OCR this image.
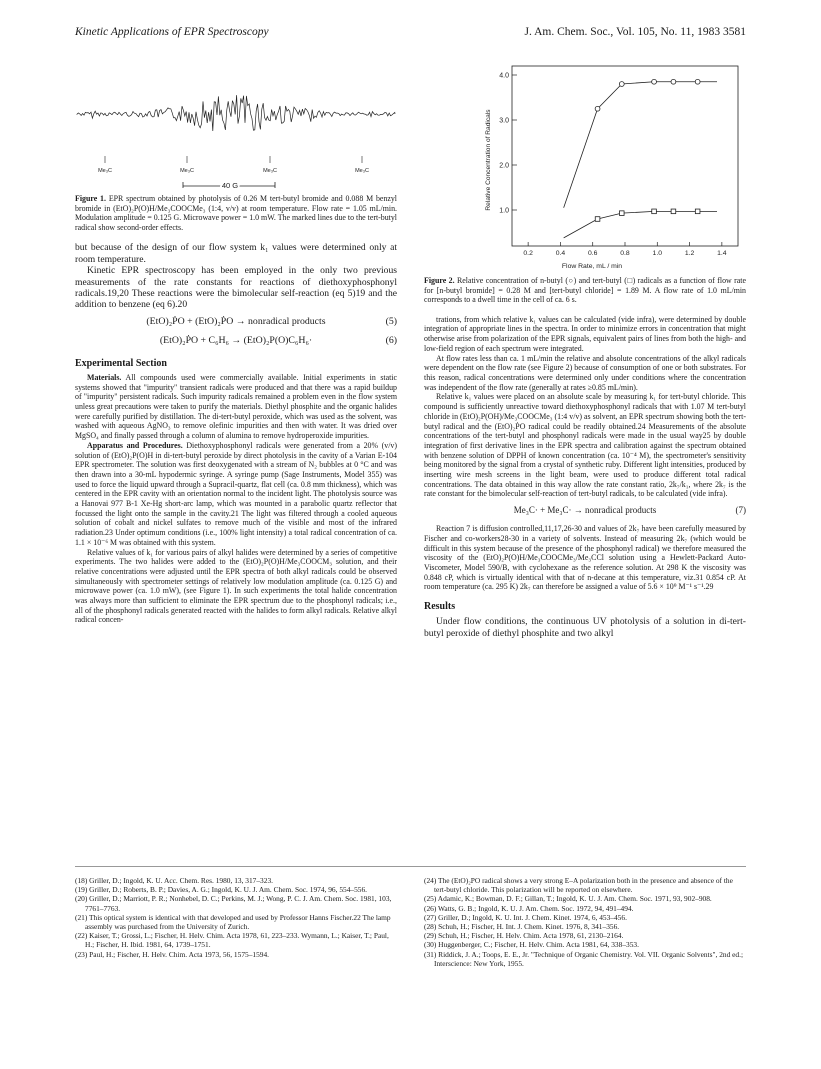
Kinetic Applications of EPR Spectroscopy	J. Am. Chem. Soc., Vol. 105, No. 11, 1983 3581
Me₃C	Me₃C	Me₃C	Me₃C
40 G
Figure 1. EPR spectrum obtained by photolysis of 0.26 M tert-butyl bromide and 0.088 M benzyl bromide in (EtO)₂P(O)H/Me₃COOCMe₃ (1:4, v/v) at room temperature. Flow rate = 1.05 mL/min. Modulation amplitude = 0.125 G. Microwave power = 1.0 mW. The marked lines due to the tert-butyl radical show second-order effects.

but because of the design of our flow system k₁ values were determined only at room temperature.

Kinetic EPR spectroscopy has been employed in the only two previous measurements of the rate constants for reactions of diethoxyphosphonyl radicals.19,20 These reactions were the bimolecular self-reaction (eq 5)19 and the addition to benzene (eq 6).20

(EtO)₂ṖO + (EtO)₂ṖO → nonradical products	(5)
(EtO)₂ṖO + C₆H₆ → (EtO)₂P(O)C₆H₆·	(6)
Experimental Section

Materials. All compounds used were commercially available. Initial experiments in static systems showed that "impurity" transient radicals were produced and that there was a rapid buildup of "impurity" persistent radicals. Such impurity radicals remained a problem even in the flow system unless great precautions were taken to purify the materials. Diethyl phosphite and the organic halides were carefully purified by distillation. The di-tert-butyl peroxide, which was used as the solvent, was washed with aqueous AgNO₃ to remove olefinic impurities and then with water. It was dried over MgSO₄ and finally passed through a column of alumina to remove hydroperoxide impurities.

Apparatus and Procedures. Diethoxyphosphonyl radicals were generated from a 20% (v/v) solution of (EtO)₂P(O)H in di-tert-butyl peroxide by direct photolysis in the cavity of a Varian E-104 EPR spectrometer. The solution was first deoxygenated with a stream of N₂ bubbles at 0 °C and was then drawn into a 30-mL hypodermic syringe. A syringe pump (Sage Instruments, Model 355) was used to force the liquid upward through a Supracil-quartz, flat cell (ca. 0.8 mm thickness), which was centered in the EPR cavity with an orientation normal to the incident light. The photolysis source was a Hanovai 977 B-1 Xe-Hg short-arc lamp, which was mounted in a parabolic quartz reflector that focussed the light onto the sample in the cavity.21 The light was filtered through a cooled aqueous solution of cobalt and nickel sulfates to remove much of the visible and most of the infrared radiation.23 Under optimum conditions (i.e., 100% light intensity) a total radical concentration of ca. 1.1 × 10⁻⁶ M was obtained with this system.

Relative values of k₁ for various pairs of alkyl halides were determined by a series of competitive experiments. The two halides were added to the (EtO)₂P(O)H/Me₃COOCM₃ solution, and their relative concentrations were adjusted until the EPR spectra of both alkyl radicals could be observed simultaneously with spectrometer settings of relatively low modulation amplitude (ca. 0.125 G) and microwave power (ca. 1.0 mW), (see Figure 1). In such experiments the total halide concentration was always more than sufficient to eliminate the EPR spectrum due to the phosphonyl radicals; i.e., all of the phosphonyl radicals generated reacted with the halides to form alkyl radicals. Relative alkyl radical concen-

Relative Concentration of Radicals
Flow Rate, mL / min
1.0
2.0
3.0
4.0
0.2	0.4	0.6	0.8	1.0	1.2	1.4
Figure 2. Relative concentration of n-butyl (○) and tert-butyl (□) radicals as a function of flow rate for [n-butyl bromide] = 0.28 M and [tert-butyl chloride] = 1.89 M. A flow rate of 1.0 mL/min corresponds to a dwell time in the cell of ca. 6 s.

trations, from which relative k₁ values can be calculated (vide infra), were determined by double integration of appropriate lines in the spectra. In order to minimize errors in concentration that might otherwise arise from polarization of the EPR signals, equivalent pairs of lines from both the high- and low-field region of each spectrum were integrated.

At flow rates less than ca. 1 mL/min the relative and absolute concentrations of the alkyl radicals were dependent on the flow rate (see Figure 2) because of consumption of one or both substrates. For this reason, radical concentrations were determined only under conditions where the concentration was independent of the flow rate (generally at rates ≥0.85 mL/min).

Relative k₁ values were placed on an absolute scale by measuring k₁ for tert-butyl chloride. This compound is sufficiently unreactive toward diethoxyphosphonyl radicals that with 1.07 M tert-butyl chloride in (EtO)₂P(OH)/Me₃COOCMe₃ (1:4 v/v) as solvent, an EPR spectrum showing both the tert-butyl radical and the (EtO)₂ṖO radical could be readily obtained.24 Measurements of the absolute concentrations of the tert-butyl and phosphonyl radicals were made in the usual way25 by double integration of first derivative lines in the EPR spectra and calibration against the spectrum obtained with benzene solution of DPPH of known concentration (ca. 10⁻⁴ M), the spectrometer's sensitivity being monitored by the signal from a crystal of synthetic ruby. Different light intensities, produced by inserting wire mesh screens in the light beam, were used to produce different total radical concentrations. The data obtained in this way allow the rate constant ratio, 2k₇/k₁, where 2k₇ is the rate constant for the bimolecular self-reaction of tert-butyl radicals, to be calculated (vide infra).

Me₃C· + Me₃C· → nonradical products	(7)

Reaction 7 is diffusion controlled,11,17,26-30 and values of 2k₇ have been carefully measured by Fischer and co-workers28-30 in a variety of solvents. Instead of measuring 2k₇ (which would be difficult in this system because of the presence of the phosphonyl radical) we therefore measured the viscosity of the (EtO)₂P(O)H/Me₃COOCMe₃/Me₃CCl solution using a Hewlett-Packard Auto-Viscometer, Model 590/B, with cyclohexane as the reference solution. At 298 K the viscosity was 0.848 cP, which is virtually identical with that of n-decane at this temperature, viz.31 0.854 cP. At room temperature (ca. 295 K) 2k₇ can therefore be assigned a value of 5.6 × 10⁹ M⁻¹ s⁻¹.29

Results

Under flow conditions, the continuous UV photolysis of a solution in di-tert-butyl peroxide of diethyl phosphite and two alkyl

(18) Griller, D.; Ingold, K. U. Acc. Chem. Res. 1980, 13, 317–323.
(19) Griller, D.; Roberts, B. P.; Davies, A. G.; Ingold, K. U. J. Am. Chem. Soc. 1974, 96, 554–556.
(20) Griller, D.; Marriott, P. R.; Nonhebel, D. C.; Perkins, M. J.; Wong, P. C. J. Am. Chem. Soc. 1981, 103, 7761–7763.
(21) This optical system is identical with that developed and used by Professor Hanns Fischer.22 The lamp assembly was purchased from the University of Zurich.
(22) Kaiser, T.; Grossi, L.; Fischer, H. Helv. Chim. Acta 1978, 61, 223–233. Wymann, L.; Kaiser, T.; Paul, H.; Fischer, H. Ibid. 1981, 64, 1739–1751.
(23) Paul, H.; Fischer, H. Helv. Chim. Acta 1973, 56, 1575–1594.
(24) The (EtO)₂PO radical shows a very strong E–A polarization both in the presence and absence of the tert-butyl chloride. This polarization will be reported on elsewhere.
(25) Adamic, K.; Bowman, D. F.; Gillan, T.; Ingold, K. U. J. Am. Chem. Soc. 1971, 93, 902–908.
(26) Watts, G. B.; Ingold, K. U. J. Am. Chem. Soc. 1972, 94, 491–494.
(27) Griller, D.; Ingold, K. U. Int. J. Chem. Kinet. 1974, 6, 453–456.
(28) Schuh, H.; Fischer, H. Int. J. Chem. Kinet. 1976, 8, 341–356.
(29) Schuh, H.; Fischer, H. Helv. Chim. Acta 1978, 61, 2130–2164.
(30) Huggenberger, C.; Fischer, H. Helv. Chim. Acta 1981, 64, 338–353.
(31) Riddick, J. A.; Toops, E. E., Jr. "Technique of Organic Chemistry. Vol. VII. Organic Solvents", 2nd ed.; Interscience: New York, 1955.
